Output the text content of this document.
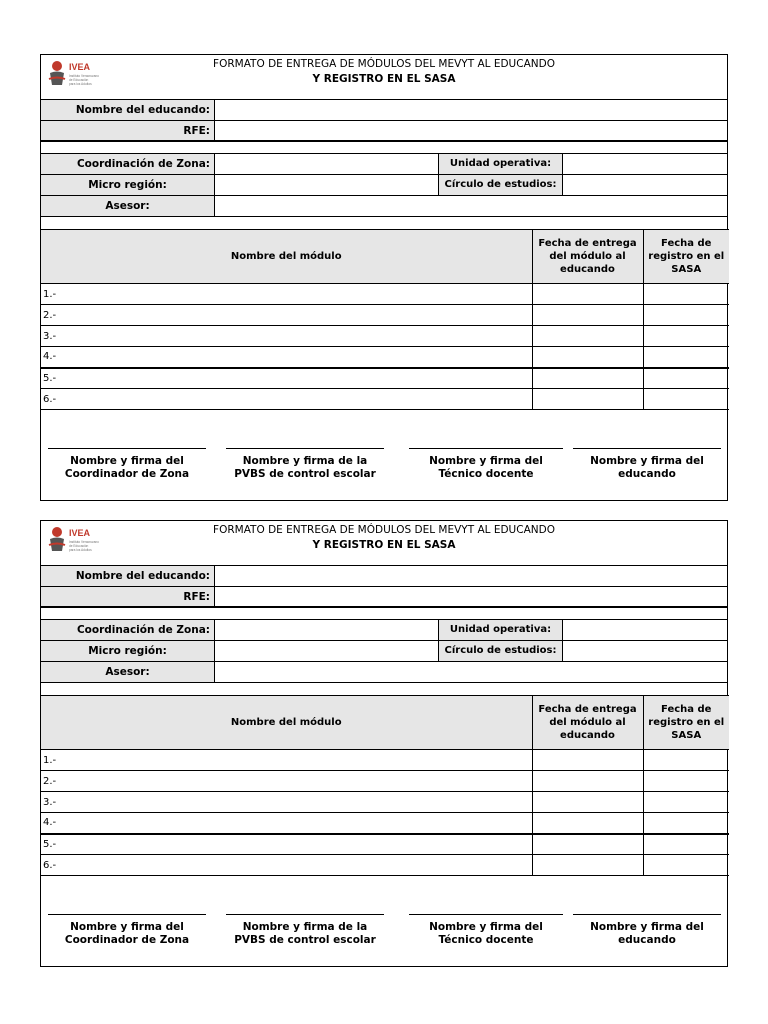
IVEA
Instituto Veracruzano
de Educación
para los Adultos
FORMATO DE ENTREGA DE MÓDULOS DEL MEVYT AL EDUCANDO
Y REGISTRO EN EL SASA
Nombre del educando:
RFE:
Coordinación de Zona:	Unidad operativa:
Micro región:	Círculo de estudios:
Asesor:
Nombre del módulo	Fecha de entrega del módulo al educando	Fecha de registro en el SASA
1.-		
2.-		
3.-		
4.-		
5.-		
6.-		
Nombre y firma del Coordinador de Zona
Nombre y firma de la PVBS de control escolar
Nombre y firma del Técnico docente
Nombre y firma del educando
IVEA
Instituto Veracruzano
de Educación
para los Adultos
FORMATO DE ENTREGA DE MÓDULOS DEL MEVYT AL EDUCANDO
Y REGISTRO EN EL SASA
Nombre del educando:
RFE:
Coordinación de Zona:	Unidad operativa:
Micro región:	Círculo de estudios:
Asesor:
Nombre del módulo	Fecha de entrega del módulo al educando	Fecha de registro en el SASA
1.-		
2.-		
3.-		
4.-		
5.-		
6.-		
Nombre y firma del Coordinador de Zona
Nombre y firma de la PVBS de control escolar
Nombre y firma del Técnico docente
Nombre y firma del educando
